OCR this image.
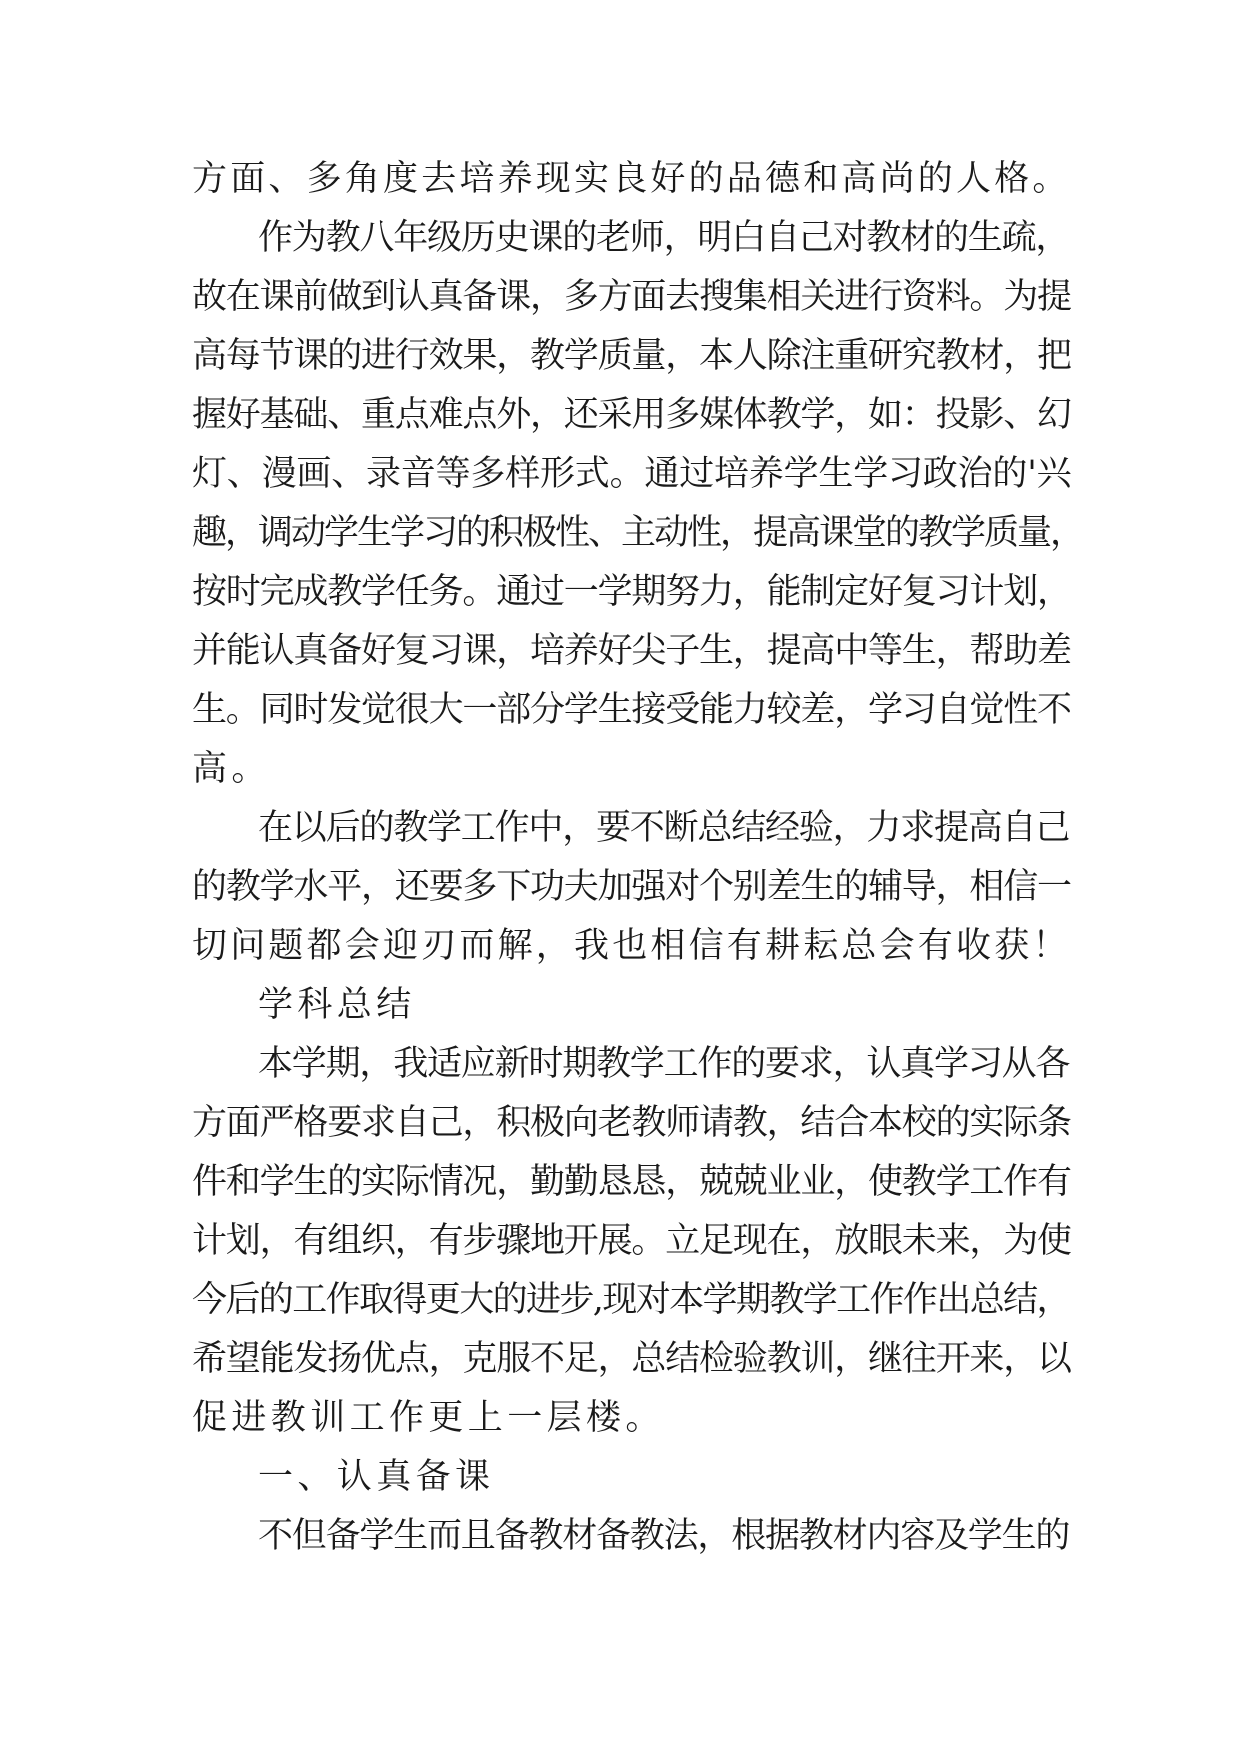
方面、多角度去培养现实良好的品德和高尚的人格。
作为教八年级历史课的老师，明白自己对教材的生疏，
故在课前做到认真备课，多方面去搜集相关进行资料。为提
高每节课的进行效果，教学质量，本人除注重研究教材，把
握好基础、重点难点外，还采用多媒体教学，如：投影、幻
灯、漫画、录音等多样形式。通过培养学生学习政治的'兴
趣，调动学生学习的积极性、主动性，提高课堂的教学质量，
按时完成教学任务。通过一学期努力，能制定好复习计划，
并能认真备好复习课，培养好尖子生，提高中等生，帮助差
生。同时发觉很大一部分学生接受能力较差，学习自觉性不
高。
在以后的教学工作中，要不断总结经验，力求提高自己
的教学水平，还要多下功夫加强对个别差生的辅导，相信一
切问题都会迎刃而解，我也相信有耕耘总会有收获！
学科总结
本学期，我适应新时期教学工作的要求，认真学习从各
方面严格要求自己，积极向老教师请教，结合本校的实际条
件和学生的实际情况，勤勤恳恳，兢兢业业，使教学工作有
计划，有组织，有步骤地开展。立足现在，放眼未来，为使
今后的工作取得更大的进步,现对本学期教学工作作出总结，
希望能发扬优点，克服不足，总结检验教训，继往开来，以
促进教训工作更上一层楼。
一、认真备课
不但备学生而且备教材备教法，根据教材内容及学生的
